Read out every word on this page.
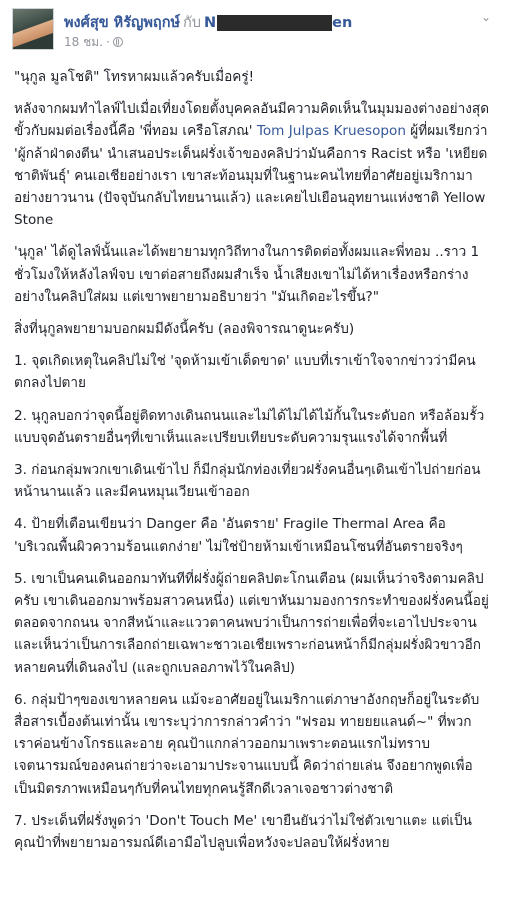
พงศ์สุข หิรัญพฤกษ์ กับ N	en
18 ชม. ·
⌄

"นุกูล มูลโชติ" โทรหาผมแล้วครับเมื่อครู่!

หลังจากผมทำไลฟ์ไปเมื่อเที่ยงโดยตั้งบุคคลอันมีความคิดเห็นในมุมมองต่างอย่างสุดขั้วกับผมต่อเรื่องนี้คือ 'พี่ทอม เครือโสภณ' Tom Julpas Kruesopon ผู้ที่ผมเรียกว่า 'ผู้กล้าฝ่าดงตีน' นำเสนอประเด็นฝรั่งเจ้าของคลิปว่ามันคือการ Racist หรือ 'เหยียดชาติพันธุ์' คนเอเชียอย่างเรา เขาสะท้อนมุมที่ในฐานะคนไทยที่อาศัยอยู่เมริกามาอย่างยาวนาน (ปัจจุบันกลับไทยนานแล้ว) และเคยไปเยือนอุทยานแห่งชาติ Yellow Stone

'นุกูล' ได้ดูไลฟ์นั้นและได้พยายามทุกวิถีทางในการติดต่อทั้งผมและพี่ทอม ..ราว 1 ชั่วโมงให้หลังไลฟ์จบ เขาต่อสายถึงผมสำเร็จ น้ำเสียงเขาไม่ได้หาเรื่องหรือกร่างอย่างในคลิปใส่ผม แต่เขาพยายามอธิบายว่า "มันเกิดอะไรขึ้น?"

สิ่งที่นุกูลพยายามบอกผมมีดังนี้ครับ (ลองพิจารณาดูนะครับ)

1. จุดเกิดเหตุในคลิปไม่ใช่ 'จุดห้ามเข้าเด็ดขาด' แบบที่เราเข้าใจจากข่าวว่ามีคนตกลงไปตาย

2. นุกูลบอกว่าจุดนี้อยู่ติดทางเดินถนนและไม่ได้ไม่ได้ไม้กั้นในระดับอก หรือล้อมรั้วแบบจุดอันตรายอื่นๆที่เขาเห็นและเปรียบเทียบระดับความรุนแรงได้จากพื้นที่

3. ก่อนกลุ่มพวกเขาเดินเข้าไป ก็มีกลุ่มนักท่องเที่ยวฝรั่งคนอื่นๆเดินเข้าไปถ่ายก่อนหน้านานแล้ว และมีคนหมุนเวียนเข้าออก

4. ป้ายที่เตือนเขียนว่า Danger คือ 'อันตราย' Fragile Thermal Area คือ 'บริเวณพื้นผิวความร้อนแตกง่าย' ไม่ใช่ป้ายห้ามเข้าเหมือนโซนที่อันตรายจริงๆ

5. เขาเป็นคนเดินออกมาทันทีที่ฝรั่งผู้ถ่ายคลิปตะโกนเตือน (ผมเห็นว่าจริงตามคลิปครับ เขาเดินออกมาพร้อมสาวคนหนึ่ง) แต่เขาหันมามองการกระทำของฝรั่งคนนี้อยู่ตลอดจากถนน จากสีหน้าและแววตาคนพบว่าเป็นการถ่ายเพื่อที่จะเอาไปประจาน และเห็นว่าเป็นการเลือกถ่ายเฉพาะชาวเอเชียเพราะก่อนหน้าก็มีกลุ่มฝรั่งผิวขาวอีกหลายคนที่เดินลงไป (และถูกเบลอภาพไว้ในคลิป)

6. กลุ่มป้าๆของเขาหลายคน แม้จะอาศัยอยู่ในเมริกาแต่ภาษาอังกฤษก็อยู่ในระดับสื่อสารเบื้องต้นเท่านั้น เขาระบุว่าการกล่าวคำว่า "ฟรอม ทายยยแลนด์~" ที่พวกเราค่อนข้างโกรธและอาย คุณป้าแกกล่าวออกมาเพราะตอนแรกไม่ทราบเจตนารมณ์ของคนถ่ายว่าจะเอามาประจานแบบนี้ คิดว่าถ่ายเล่น จึงอยากพูดเพื่อเป็นมิตรภาพเหมือนๆกับที่คนไทยทุกคนรู้สึกดีเวลาเจอชาวต่างชาติ

7. ประเด็นที่ฝรั่งพูดว่า 'Don't Touch Me' เขายืนยันว่าไม่ใช่ตัวเขาแตะ แต่เป็นคุณป้าที่พยายามอารมณ์ดีเอามือไปลูบเพื่อหวังจะปลอบให้ฝรั่งหาย
